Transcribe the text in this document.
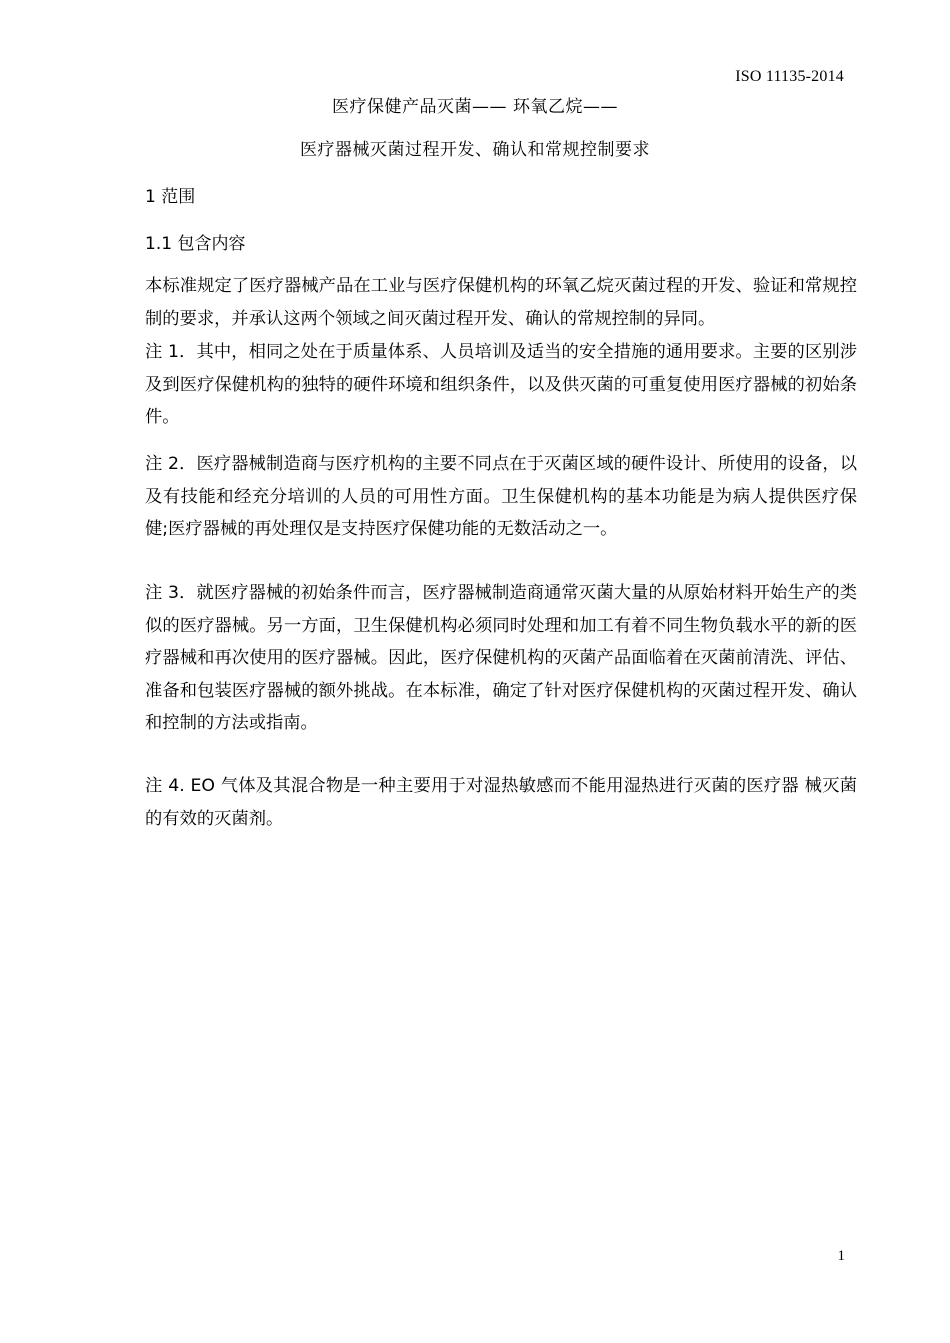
ISO 11135-2014
医疗保健产品灭菌—— 环氧乙烷——
医疗器械灭菌过程开发、确认和常规控制要求
1 范围
1.1 包含内容

本标准规定了医疗器械产品在工业与医疗保健机构的环氧乙烷灭菌过程的开发、验证和常规控制的要求，并承认这两个领域之间灭菌过程开发、确认的常规控制的异同。

注 1．其中，相同之处在于质量体系、人员培训及适当的安全措施的通用要求。主要的区别涉及到医疗保健机构的独特的硬件环境和组织条件，以及供灭菌的可重复使用医疗器械的初始条件。

注 2．医疗器械制造商与医疗机构的主要不同点在于灭菌区域的硬件设计、所使用的设备，以及有技能和经充分培训的人员的可用性方面。卫生保健机构的基本功能是为病人提供医疗保健;医疗器械的再处理仅是支持医疗保健功能的无数活动之一。

注 3．就医疗器械的初始条件而言，医疗器械制造商通常灭菌大量的从原始材料开始生产的类似的医疗器械。另一方面，卫生保健机构必须同时处理和加工有着不同生物负载水平的新的医疗器械和再次使用的医疗器械。因此，医疗保健机构的灭菌产品面临着在灭菌前清洗、评估、准备和包装医疗器械的额外挑战。在本标准，确定了针对医疗保健机构的灭菌过程开发、确认和控制的方法或指南。

注 4. EO 气体及其混合物是一种主要用于对湿热敏感而不能用湿热进行灭菌的医疗器 械灭菌的有效的灭菌剂。

1
